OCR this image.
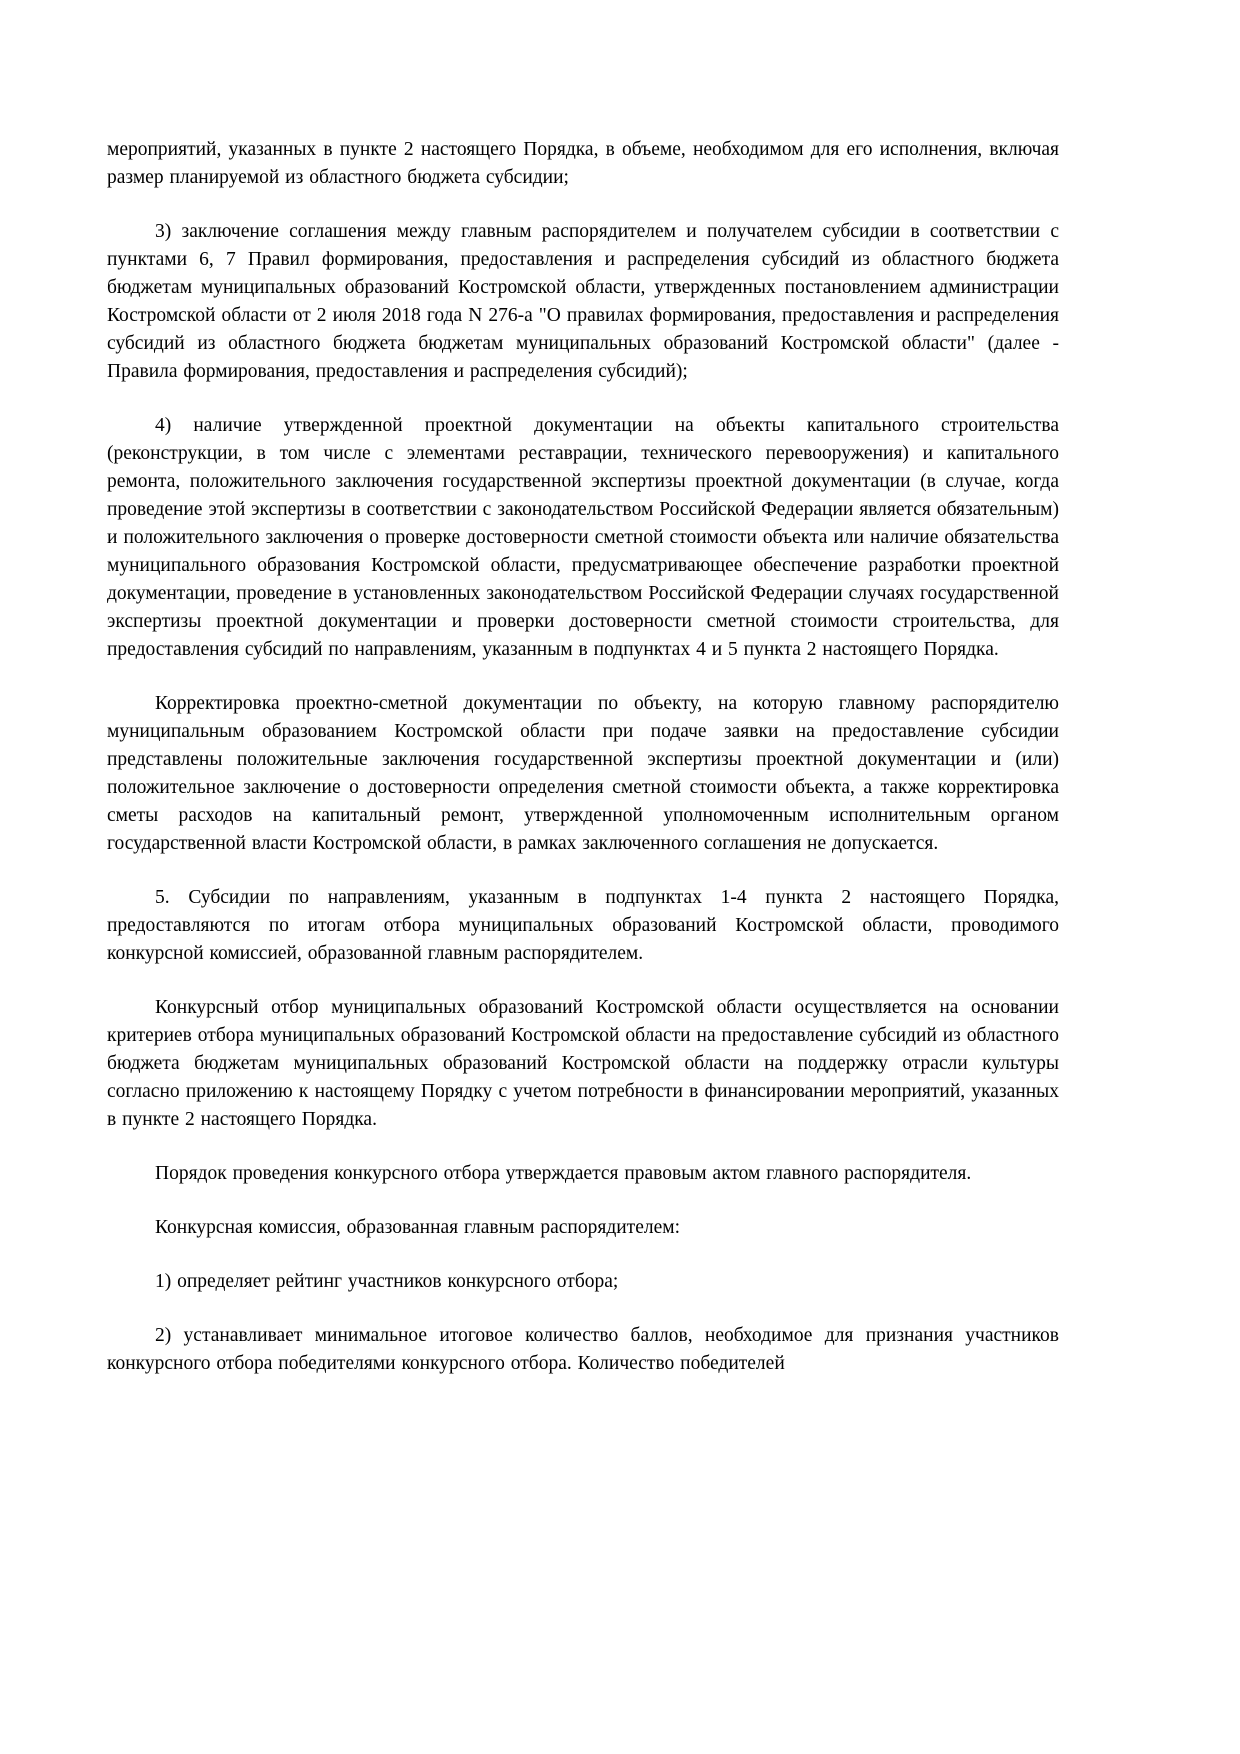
мероприятий, указанных в пункте 2 настоящего Порядка, в объеме, необходимом для его исполнения, включая размер планируемой из областного бюджета субсидии;

3) заключение соглашения между главным распорядителем и получателем субсидии в соответствии с пунктами 6, 7 Правил формирования, предоставления и распределения субсидий из областного бюджета бюджетам муниципальных образований Костромской области, утвержденных постановлением администрации Костромской области от 2 июля 2018 года N 276-а "О правилах формирования, предоставления и распределения субсидий из областного бюджета бюджетам муниципальных образований Костромской области" (далее - Правила формирования, предоставления и распределения субсидий);

4) наличие утвержденной проектной документации на объекты капитального строительства (реконструкции, в том числе с элементами реставрации, технического перевооружения) и капитального ремонта, положительного заключения государственной экспертизы проектной документации (в случае, когда проведение этой экспертизы в соответствии с законодательством Российской Федерации является обязательным) и положительного заключения о проверке достоверности сметной стоимости объекта или наличие обязательства муниципального образования Костромской области, предусматривающее обеспечение разработки проектной документации, проведение в установленных законодательством Российской Федерации случаях государственной экспертизы проектной документации и проверки достоверности сметной стоимости строительства, для предоставления субсидий по направлениям, указанным в подпунктах 4 и 5 пункта 2 настоящего Порядка.

Корректировка проектно-сметной документации по объекту, на которую главному распорядителю муниципальным образованием Костромской области при подаче заявки на предоставление субсидии представлены положительные заключения государственной экспертизы проектной документации и (или) положительное заключение о достоверности определения сметной стоимости объекта, а также корректировка сметы расходов на капитальный ремонт, утвержденной уполномоченным исполнительным органом государственной власти Костромской области, в рамках заключенного соглашения не допускается.

5. Субсидии по направлениям, указанным в подпунктах 1-4 пункта 2 настоящего Порядка, предоставляются по итогам отбора муниципальных образований Костромской области, проводимого конкурсной комиссией, образованной главным распорядителем.

Конкурсный отбор муниципальных образований Костромской области осуществляется на основании критериев отбора муниципальных образований Костромской области на предоставление субсидий из областного бюджета бюджетам муниципальных образований Костромской области на поддержку отрасли культуры согласно приложению к настоящему Порядку с учетом потребности в финансировании мероприятий, указанных в пункте 2 настоящего Порядка.

Порядок проведения конкурсного отбора утверждается правовым актом главного распорядителя.

Конкурсная комиссия, образованная главным распорядителем:

1) определяет рейтинг участников конкурсного отбора;

2) устанавливает минимальное итоговое количество баллов, необходимое для признания участников конкурсного отбора победителями конкурсного отбора. Количество победителей
